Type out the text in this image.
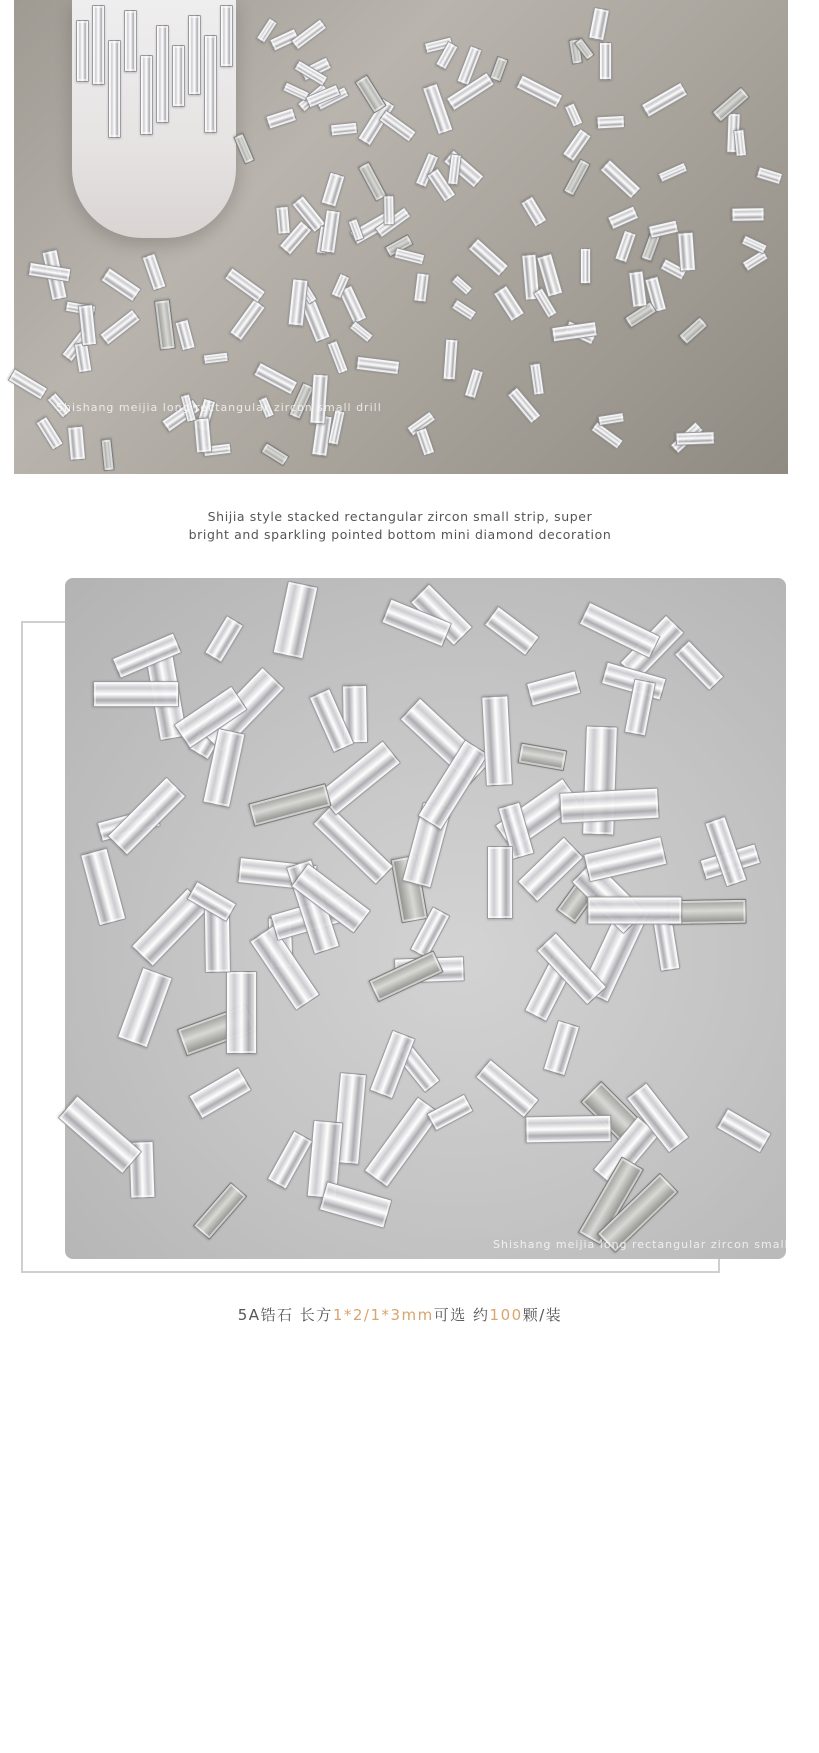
Shishang meijia long rectangular zircon small drill
Shijia style stacked rectangular zircon small strip, super
bright and sparkling pointed bottom mini diamond decoration
Shishang meijia long rectangular zircon small drill
Shishang meijia long rectangular zircon small drill
5A锆石 长方1*2/1*3mm可选 约100颗/装
